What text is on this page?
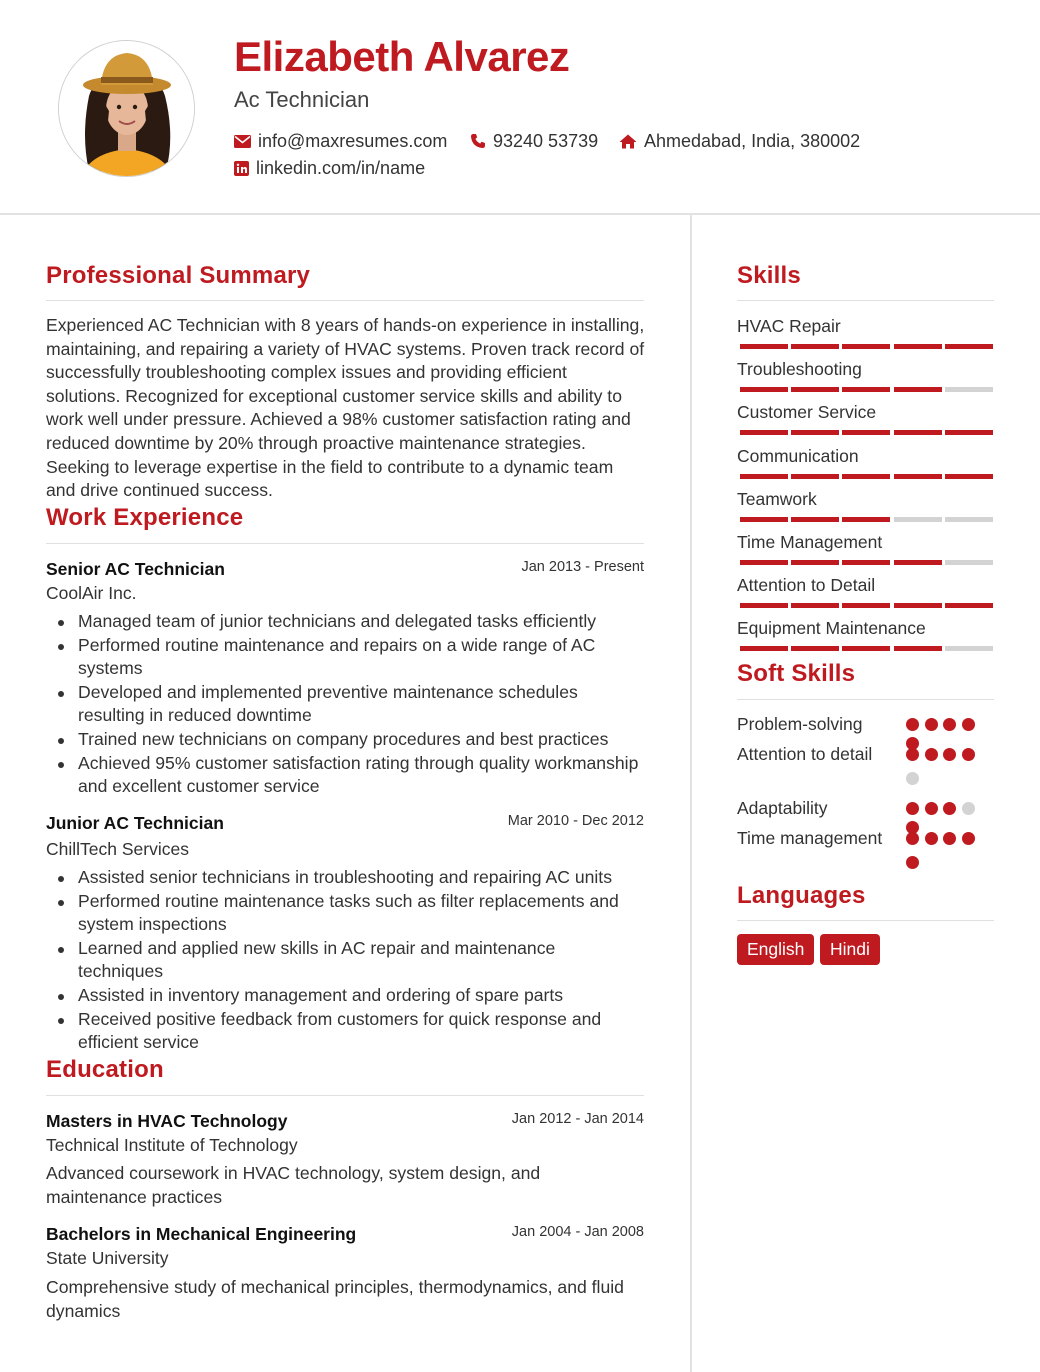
Elizabeth Alvarez
Ac Technician
info@maxresumes.com	93240 53739	Ahmedabad, India, 380002
linkedin.com/in/name
Professional Summary
Experienced AC Technician with 8 years of hands-on experience in installing, maintaining, and repairing a variety of HVAC systems. Proven track record of successfully troubleshooting complex issues and providing efficient solutions. Recognized for exceptional customer service skills and ability to work well under pressure. Achieved a 98% customer satisfaction rating and reduced downtime by 20% through proactive maintenance strategies. Seeking to leverage expertise in the field to contribute to a dynamic team and drive continued success.
Work Experience
Senior AC Technician	Jan 2013 - Present
CoolAir Inc.
Managed team of junior technicians and delegated tasks efficiently
Performed routine maintenance and repairs on a wide range of AC systems
Developed and implemented preventive maintenance schedules resulting in reduced downtime
Trained new technicians on company procedures and best practices
Achieved 95% customer satisfaction rating through quality workmanship and excellent customer service
Junior AC Technician	Mar 2010 - Dec 2012
ChillTech Services
Assisted senior technicians in troubleshooting and repairing AC units
Performed routine maintenance tasks such as filter replacements and system inspections
Learned and applied new skills in AC repair and maintenance techniques
Assisted in inventory management and ordering of spare parts
Received positive feedback from customers for quick response and efficient service
Education
Masters in HVAC Technology	Jan 2012 - Jan 2014
Technical Institute of Technology
Advanced coursework in HVAC technology, system design, and maintenance practices
Bachelors in Mechanical Engineering	Jan 2004 - Jan 2008
State University
Comprehensive study of mechanical principles, thermodynamics, and fluid dynamics
Skills
HVAC Repair
Troubleshooting
Customer Service
Communication
Teamwork
Time Management
Attention to Detail
Equipment Maintenance
Soft Skills
Problem-solving
Attention to detail
Adaptability
Time management
Languages
English	Hindi
